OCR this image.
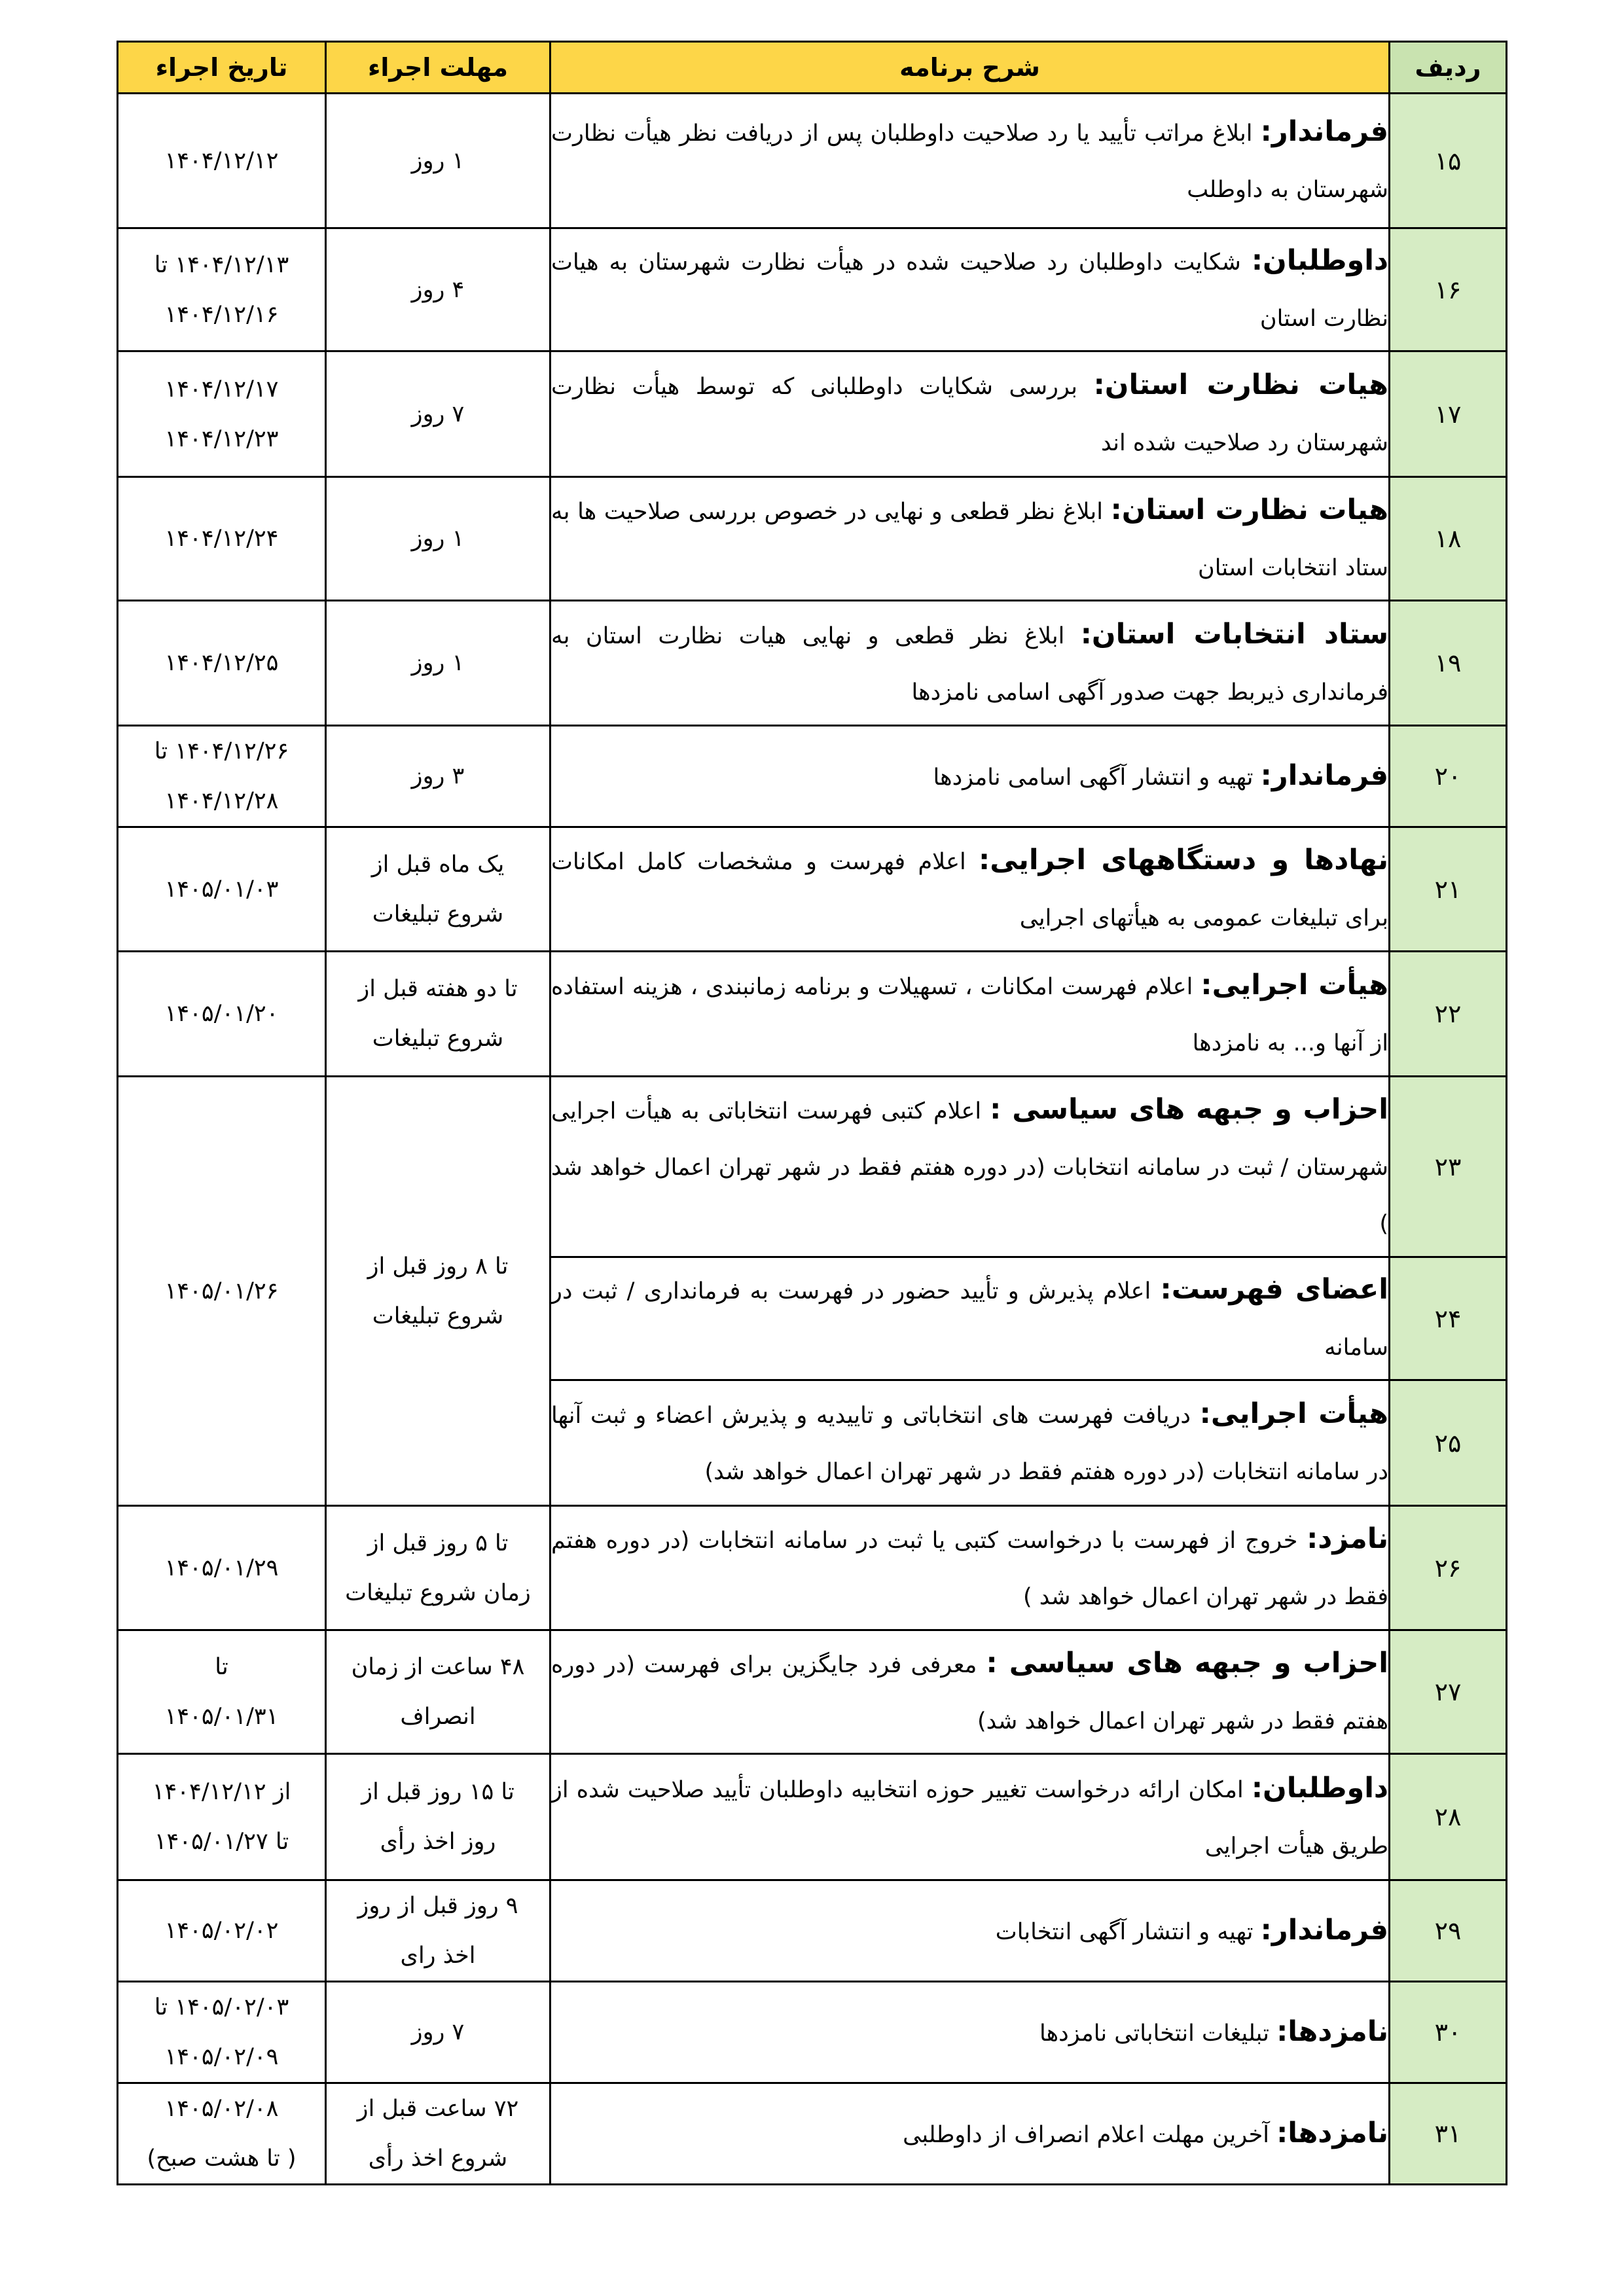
ردیف	شرح برنامه	مهلت اجراء	تاریخ اجراء
۱۵	فرماندار: ابلاغ مراتب تأیید یا رد صلاحیت داوطلبان پس از دریافت نظر هیأت نظارت شهرستان به داوطلب	۱ روز	۱۴۰۴/۱۲/۱۲

۱۶	داوطلبان: شکایت داوطلبان رد صلاحیت شده در هیأت نظارت شهرستان به هیات نظارت استان	۴ روز	۱۴۰۴/۱۲/۱۳ تا
۱۴۰۴/۱۲/۱۶

۱۷	هیات نظارت استان: بررسی شکایات داوطلبانی که توسط هیأت نظارت شهرستان رد صلاحیت شده اند	۷ روز	۱۴۰۴/۱۲/۱۷
۱۴۰۴/۱۲/۲۳

۱۸	هیات نظارت استان: ابلاغ نظر قطعی و نهایی در خصوص بررسی صلاحیت ها به ستاد انتخابات استان	۱ روز	۱۴۰۴/۱۲/۲۴

۱۹	ستاد انتخابات استان: ابلاغ نظر قطعی و نهایی هیات نظارت استان به فرمانداری ذیربط جهت صدور آگهی اسامی نامزدها	۱ روز	۱۴۰۴/۱۲/۲۵

۲۰	فرماندار: تهیه و انتشار آگهی اسامی نامزدها	۳ روز	۱۴۰۴/۱۲/۲۶ تا
۱۴۰۴/۱۲/۲۸

۲۱	نهادها و دستگاههای اجرایی: اعلام فهرست و مشخصات کامل امکانات برای تبلیغات عمومی به هیأتهای اجرایی	یک ماه قبل از
شروع تبلیغات	۱۴۰۵/۰۱/۰۳

۲۲	هیأت اجرایی: اعلام فهرست امکانات ، تسهیلات و برنامه زمانبندی ، هزینه استفاده از آنها و... به نامزدها	تا دو هفته قبل از
شروع تبلیغات	۱۴۰۵/۰۱/۲۰

۲۳	احزاب و جبهه های سیاسی : اعلام کتبی فهرست انتخاباتی به هیأت اجرایی شهرستان / ثبت در سامانه انتخابات (در دوره هفتم فقط در شهر تهران اعمال خواهد شد )	تا ۸ روز قبل از
شروع تبلیغات	۱۴۰۵/۰۱/۲۶

۲۴	اعضای فهرست: اعلام پذیرش و تأیید حضور در فهرست به فرمانداری / ثبت در سامانه		
۲۵	هیأت اجرایی: دریافت فهرست های انتخاباتی و تاییدیه و پذیرش اعضاء و ثبت آنها در سامانه انتخابات (در دوره هفتم فقط در شهر تهران اعمال خواهد شد)		
۲۶	نامزد: خروج از فهرست با درخواست کتبی یا ثبت در سامانه انتخابات (در دوره هفتم فقط در شهر تهران اعمال خواهد شد )	تا ۵ روز قبل از
زمان شروع تبلیغات	۱۴۰۵/۰۱/۲۹

۲۷	احزاب و جبهه های سیاسی : معرفی فرد جایگزین برای فهرست (در دوره هفتم فقط در شهر تهران اعمال خواهد شد)	۴۸ ساعت از زمان
انصراف	تا
۱۴۰۵/۰۱/۳۱

۲۸	داوطلبان: امکان ارائه درخواست تغییر حوزه انتخابیه داوطلبان تأیید صلاحیت شده از طریق هیأت اجرایی	تا ۱۵ روز قبل از
روز اخذ رأی	از ۱۴۰۴/۱۲/۱۲
تا ۱۴۰۵/۰۱/۲۷

۲۹	فرماندار: تهیه و انتشار آگهی انتخابات	۹ روز قبل از روز
اخذ رای	۱۴۰۵/۰۲/۰۲

۳۰	نامزدها: تبلیغات انتخاباتی نامزدها	۷ روز	۱۴۰۵/۰۲/۰۳ تا
۱۴۰۵/۰۲/۰۹

۳۱	نامزدها: آخرین مهلت اعلام انصراف از داوطلبی	۷۲ ساعت قبل از
شروع اخذ رأی	۱۴۰۵/۰۲/۰۸
( تا هشت صبح)
